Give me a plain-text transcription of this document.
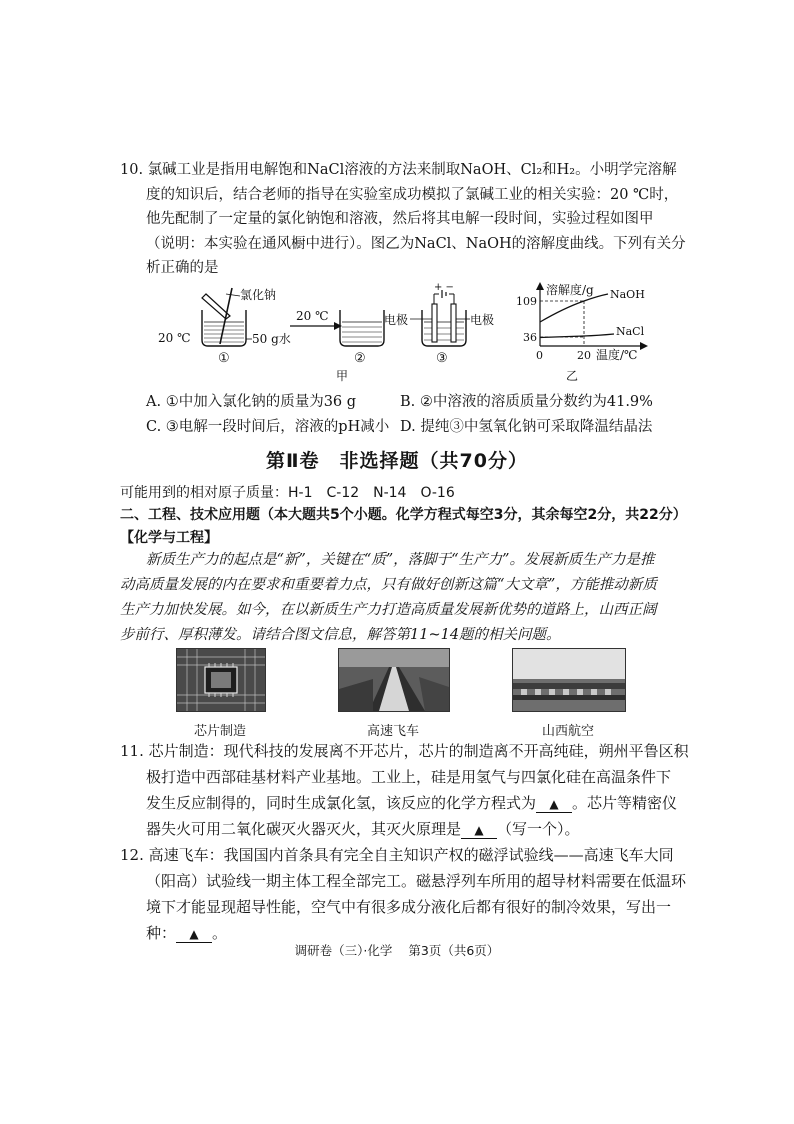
10. 氯碱工业是指用电解饱和NaCl溶液的方法来制取NaOH、Cl₂和H₂。小明学完溶解
度的知识后，结合老师的指导在实验室成功模拟了氯碱工业的相关实验：20 ℃时，
他先配制了一定量的氯化钠饱和溶液，然后将其电解一段时间，实验过程如图甲
（说明：本实验在通风橱中进行）。图乙为NaCl、NaOH的溶解度曲线。下列有关分
析正确的是
氯化钠
20 ℃	50 g水
①
20 ℃
②
+ −
电极	电极
③
甲
溶解度/g
109
36
0	20 温度/℃
NaOH
NaCl
乙
A. ①中加入氯化钠的质量为36 g	B. ②中溶液的溶质质量分数约为41.9%
C. ③电解一段时间后，溶液的pH减小 D. 提纯③中氢氧化钠可采取降温结晶法
第Ⅱ卷　非选择题（共70分）
可能用到的相对原子质量：H-1　C-12　N-14　O-16
二、工程、技术应用题（本大题共5个小题。化学方程式每空3分，其余每空2分，共22分）
【化学与工程】
新质生产力的起点是“新”，关键在“质”，落脚于“生产力”。发展新质生产力是推
动高质量发展的内在要求和重要着力点，只有做好创新这篇“大文章”，方能推动新质
生产力加快发展。如今，在以新质生产力打造高质量发展新优势的道路上，山西正阔
步前行、厚积薄发。请结合图文信息，解答第11~14题的相关问题。
芯片制造	高速飞车	山西航空
11. 芯片制造：现代科技的发展离不开芯片，芯片的制造离不开高纯硅，朔州平鲁区积
极打造中西部硅基材料产业基地。工业上，硅是用氢气与四氯化硅在高温条件下
发生反应制得的，同时生成氯化氢，该反应的化学方程式为 ▲ 。芯片等精密仪
器失火可用二氧化碳灭火器灭火，其灭火原理是 ▲ （写一个）。
12. 高速飞车：我国国内首条具有完全自主知识产权的磁浮试验线——高速飞车大同
（阳高）试验线一期主体工程全部完工。磁悬浮列车所用的超导材料需要在低温环
境下才能显现超导性能，空气中有很多成分液化后都有很好的制冷效果，写出一
种： ▲ 。
调研卷（三）·化学 第3页（共6页）
